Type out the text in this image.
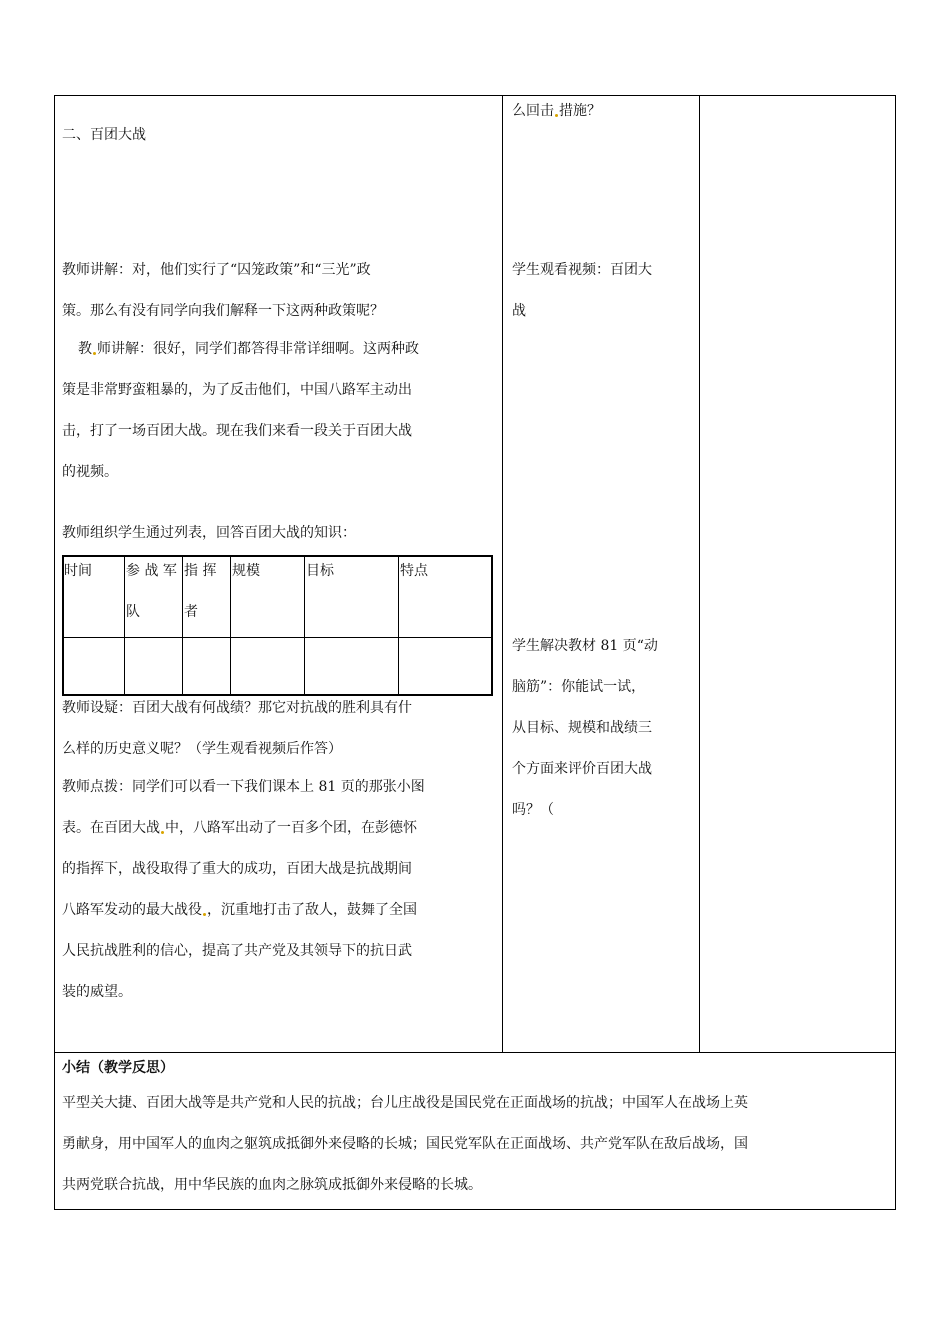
二、百团大战
教师讲解：对，他们实行了“囚笼政策”和“三光”政
策。那么有没有同学向我们解释一下这两种政策呢？
教 师讲解：很好，同学们都答得非常详细啊。这两种政
策是非常野蛮粗暴的，为了反击他们，中国八路军主动出
击，打了一场百团大战。现在我们来看一段关于百团大战
的视频。
教师组织学生通过列表，回答百团大战的知识：
时间 参 战 军
队
指 挥
者
规模	目标	特点
教师设疑：百团大战有何战绩？那它对抗战的胜利具有什
么样的历史意义呢？（学生观看视频后作答）
教师点拨：同学们可以看一下我们课本上 81 页的那张小图
表。在百团大战 中，八路军出动了一百多个团，在彭德怀
的指挥下，战役取得了重大的成功，百团大战是抗战期间
八路军发动的最大战役 ，沉重地打击了敌人，鼓舞了全国
人民抗战胜利的信心，提高了共产党及其领导下的抗日武
装的威望。
么回击 措施？
学生观看视频：百团大
战
学生解决教材 81 页“动
脑筋”：你能试一试，
从目标、规模和战绩三
个方面来评价百团大战
吗？（
小结（教学反思）
平型关大捷、百团大战等是共产党和人民的抗战；台儿庄战役是国民党在正面战场的抗战；中国军人在战场上英
勇献身，用中国军人的血肉之躯筑成抵御外来侵略的长城；国民党军队在正面战场、共产党军队在敌后战场，国
共两党联合抗战，用中华民族的血肉之脉筑成抵御外来侵略的长城。
